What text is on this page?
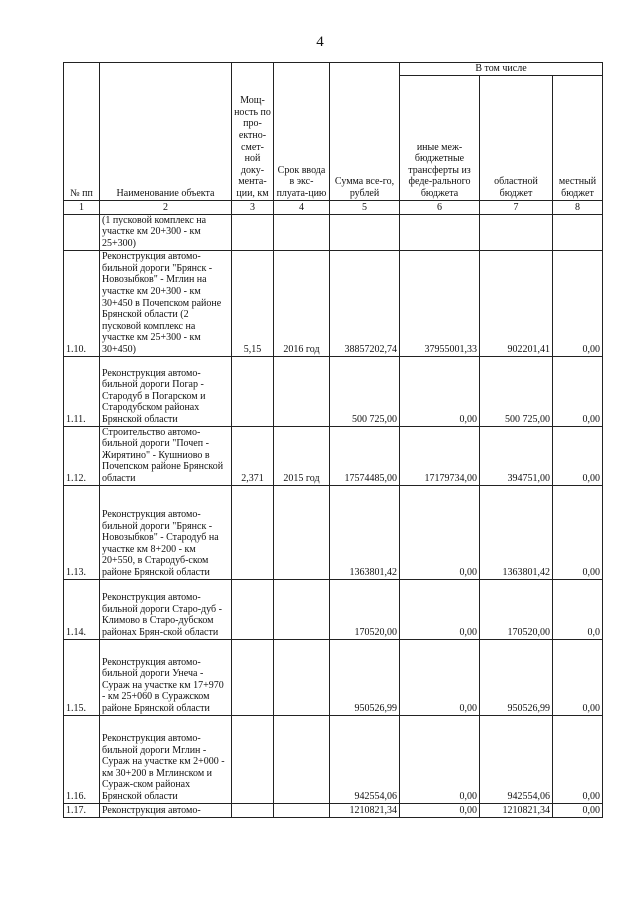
4
№ пп	Наименование объекта	Мощ-ность по про-ектно-смет-ной доку-мента-ции, км	Срок ввода в экс-плуата-цию	Сумма все-го, рублей	В том числе		
					иные меж-бюджетные трансферты из феде-рального бюджета	областной бюджет	местный бюджет
1	2	3	4	5	6	7	8
	(1 пусковой комплекс на участке км 20+300 - км 25+300)						
1.10.	Реконструкция автомо-бильной дороги "Брянск - Новозыбков" - Мглин на участке км 20+300 - км 30+450 в Почепском районе Брянской области (2 пусковой комплекс на участке км 25+300 - км 30+450)	5,15	2016 год	38857202,74	37955001,33	902201,41	0,00
1.11.	Реконструкция автомо-бильной дороги Погар - Стародуб в Погарском и Стародубском районах Брянской области			500 725,00	0,00	500 725,00	0,00
1.12.	Строительство автомо-бильной дороги "Почеп - Жирятино" - Кушниово в Почепском районе Брянской области	2,371	2015 год	17574485,00	17179734,00	394751,00	0,00
1.13.	Реконструкция автомо-бильной дороги "Брянск - Новозыбков" - Стародуб на участке км 8+200 - км 20+550, в Стародуб-ском районе Брянской области			1363801,42	0,00	1363801,42	0,00
1.14.	Реконструкция автомо-бильной дороги Старо-дуб - Климово в Старо-дубском районах Брян-ской области			170520,00	0,00	170520,00	0,0
1.15.	Реконструкция автомо-бильной дороги Унеча - Сураж на участке км 17+970 - км 25+060 в Суражском районе Брянской области			950526,99	0,00	950526,99	0,00
1.16.	Реконструкция автомо-бильной дороги Мглин - Сураж на участке км 2+000 - км 30+200 в Мглинском и Сураж-ском районах Брянской области			942554,06	0,00	942554,06	0,00
1.17.	Реконструкция автомо-			1210821,34	0,00	1210821,34	0,00
